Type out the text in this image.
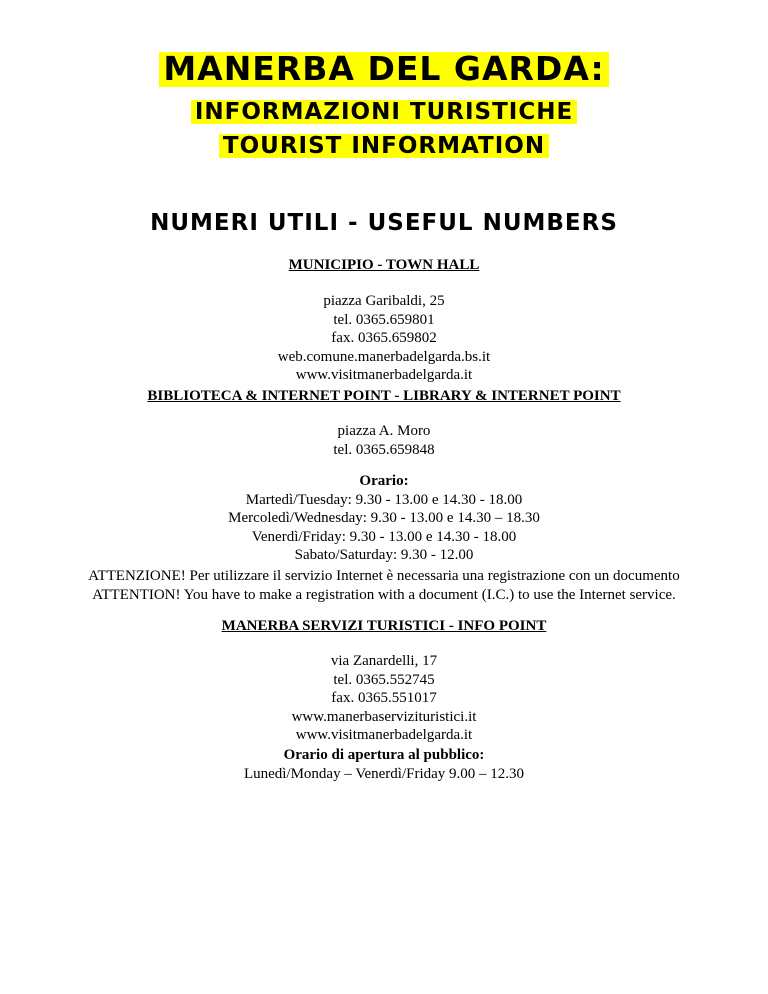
MANERBA DEL GARDA:
INFORMAZIONI TURISTICHE
TOURIST INFORMATION
NUMERI UTILI - USEFUL NUMBERS
MUNICIPIO - TOWN HALL
piazza Garibaldi, 25
tel. 0365.659801
fax. 0365.659802
web.comune.manerbadelgarda.bs.it
www.visitmanerbadelgarda.it
BIBLIOTECA & INTERNET POINT - LIBRARY & INTERNET POINT
piazza A. Moro
tel. 0365.659848
Orario:
Martedì/Tuesday: 9.30 - 13.00 e 14.30 - 18.00
Mercoledì/Wednesday: 9.30 - 13.00 e 14.30 – 18.30
Venerdì/Friday: 9.30 - 13.00 e 14.30 - 18.00
Sabato/Saturday: 9.30 - 12.00
ATTENZIONE! Per utilizzare il servizio Internet è necessaria una registrazione con un documento
ATTENTION! You have to make a registration with a document (I.C.) to use the Internet service.
MANERBA SERVIZI TURISTICI - INFO POINT
via Zanardelli, 17
tel. 0365.552745
fax. 0365.551017
www.manerbaservizituristici.it
www.visitmanerbadelgarda.it
Orario di apertura al pubblico:
Lunedì/Monday – Venerdì/Friday 9.00 – 12.30
